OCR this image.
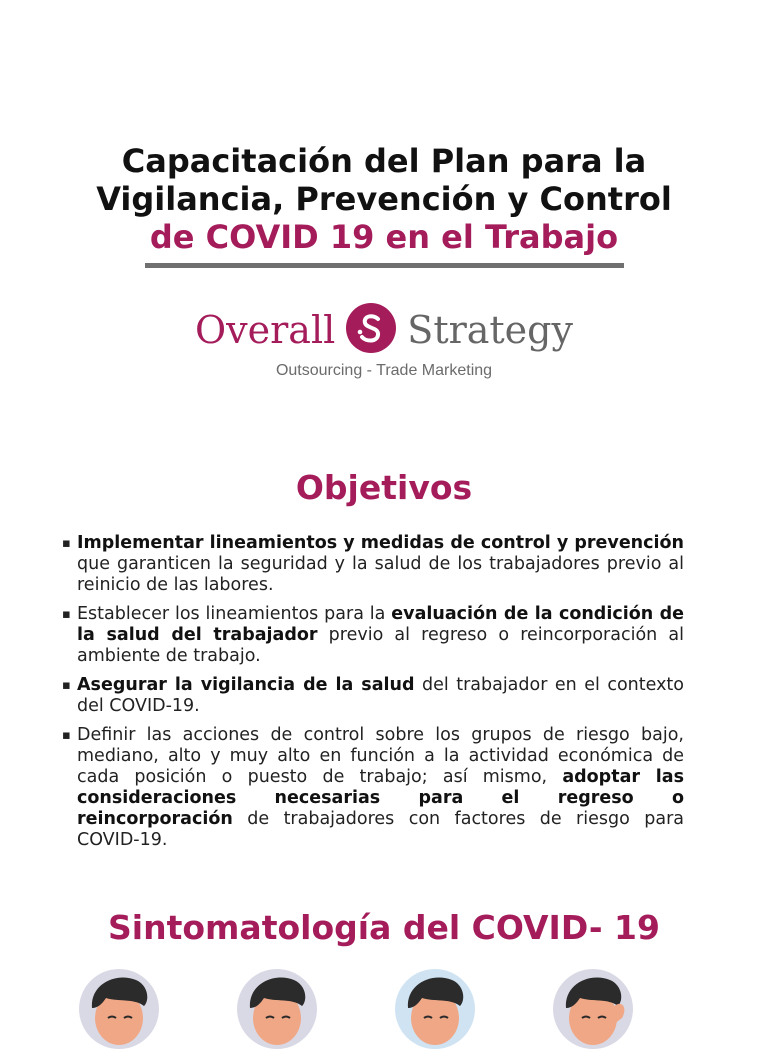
Capacitación del Plan para la
Vigilancia, Prevención y Control
de COVID 19 en el Trabajo
Overall Strategy
Outsourcing - Trade Marketing
Objetivos
▪ Implementar lineamientos y medidas de control y prevención que garanticen la seguridad y la salud de los trabajadores previo al reinicio de las labores.
▪ Establecer los lineamientos para la evaluación de la condición de la salud del trabajador previo al regreso o reincorporación al ambiente de trabajo.
▪ Asegurar la vigilancia de la salud del trabajador en el contexto del COVID-19.
▪ Definir las acciones de control sobre los grupos de riesgo bajo, mediano, alto y muy alto en función a la actividad económica de cada posición o puesto de trabajo; así mismo, adoptar las consideraciones necesarias para el regreso o reincorporación de trabajadores con factores de riesgo para COVID-19.
Sintomatología del COVID- 19
